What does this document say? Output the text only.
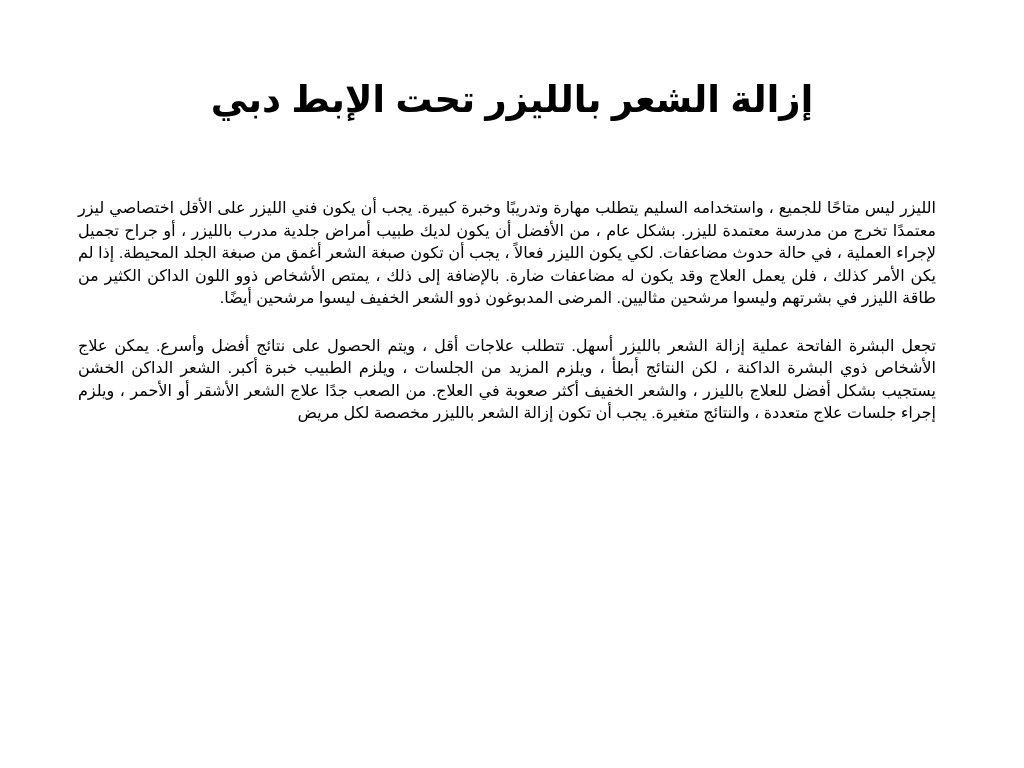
إزالة الشعر بالليزر تحت الإبط دبي

الليزر ليس متاحًا للجميع ، واستخدامه السليم يتطلب مهارة وتدريبًا وخبرة كبيرة. يجب أن يكون فني الليزر على الأقل اختصاصي ليزر معتمدًا تخرج من مدرسة معتمدة لليزر. بشكل عام ، من الأفضل أن يكون لديك طبيب أمراض جلدية مدرب بالليزر ، أو جراح تجميل لإجراء العملية ، في حالة حدوث مضاعفات. لكي يكون الليزر فعالاً ، يجب أن تكون صبغة الشعر أغمق من صبغة الجلد المحيطة. إذا لم يكن الأمر كذلك ، فلن يعمل العلاج وقد يكون له مضاعفات ضارة. بالإضافة إلى ذلك ، يمتص الأشخاص ذوو اللون الداكن الكثير من طاقة الليزر في بشرتهم وليسوا مرشحين مثاليين. المرضى المدبوغون ذوو الشعر الخفيف ليسوا مرشحين أيضًا.

تجعل البشرة الفاتحة عملية إزالة الشعر بالليزر أسهل. تتطلب علاجات أقل ، ويتم الحصول على نتائج أفضل وأسرع. يمكن علاج الأشخاص ذوي البشرة الداكنة ، لكن النتائج أبطأ ، ويلزم المزيد من الجلسات ، ويلزم الطبيب خبرة أكبر. الشعر الداكن الخشن يستجيب بشكل أفضل للعلاج بالليزر ، والشعر الخفيف أكثر صعوبة في العلاج. من الصعب جدًا علاج الشعر الأشقر أو الأحمر ، ويلزم إجراء جلسات علاج متعددة ، والنتائج متغيرة. يجب أن تكون إزالة الشعر بالليزر مخصصة لكل مريض
